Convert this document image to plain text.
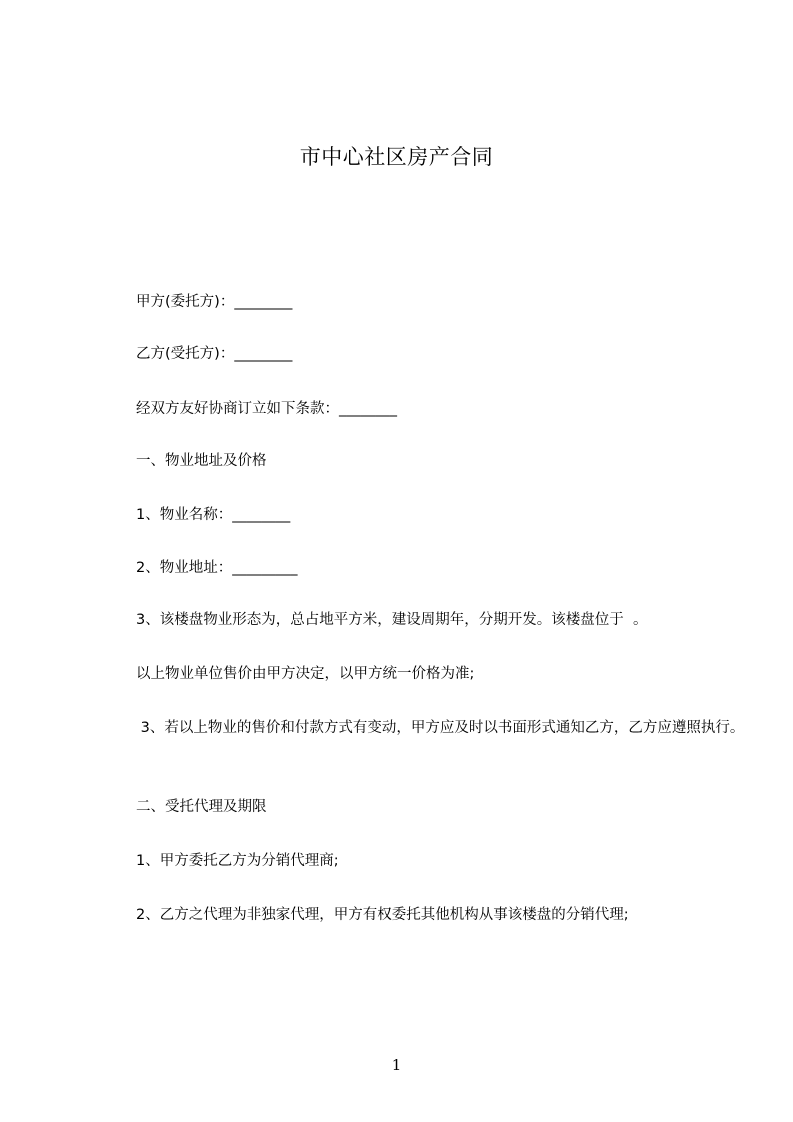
市中心社区房产合同
甲方(委托方)：________
乙方(受托方)：________
经双方友好协商订立如下条款：________
一、物业地址及价格
1、物业名称：________
2、物业地址：_________
3、该楼盘物业形态为，总占地平方米，建设周期年，分期开发。该楼盘位于  。
以上物业单位售价由甲方决定，以甲方统一价格为准;
3、若以上物业的售价和付款方式有变动，甲方应及时以书面形式通知乙方，乙方应遵照执行。
二、受托代理及期限
1、甲方委托乙方为分销代理商;
2、乙方之代理为非独家代理，甲方有权委托其他机构从事该楼盘的分销代理;
1
